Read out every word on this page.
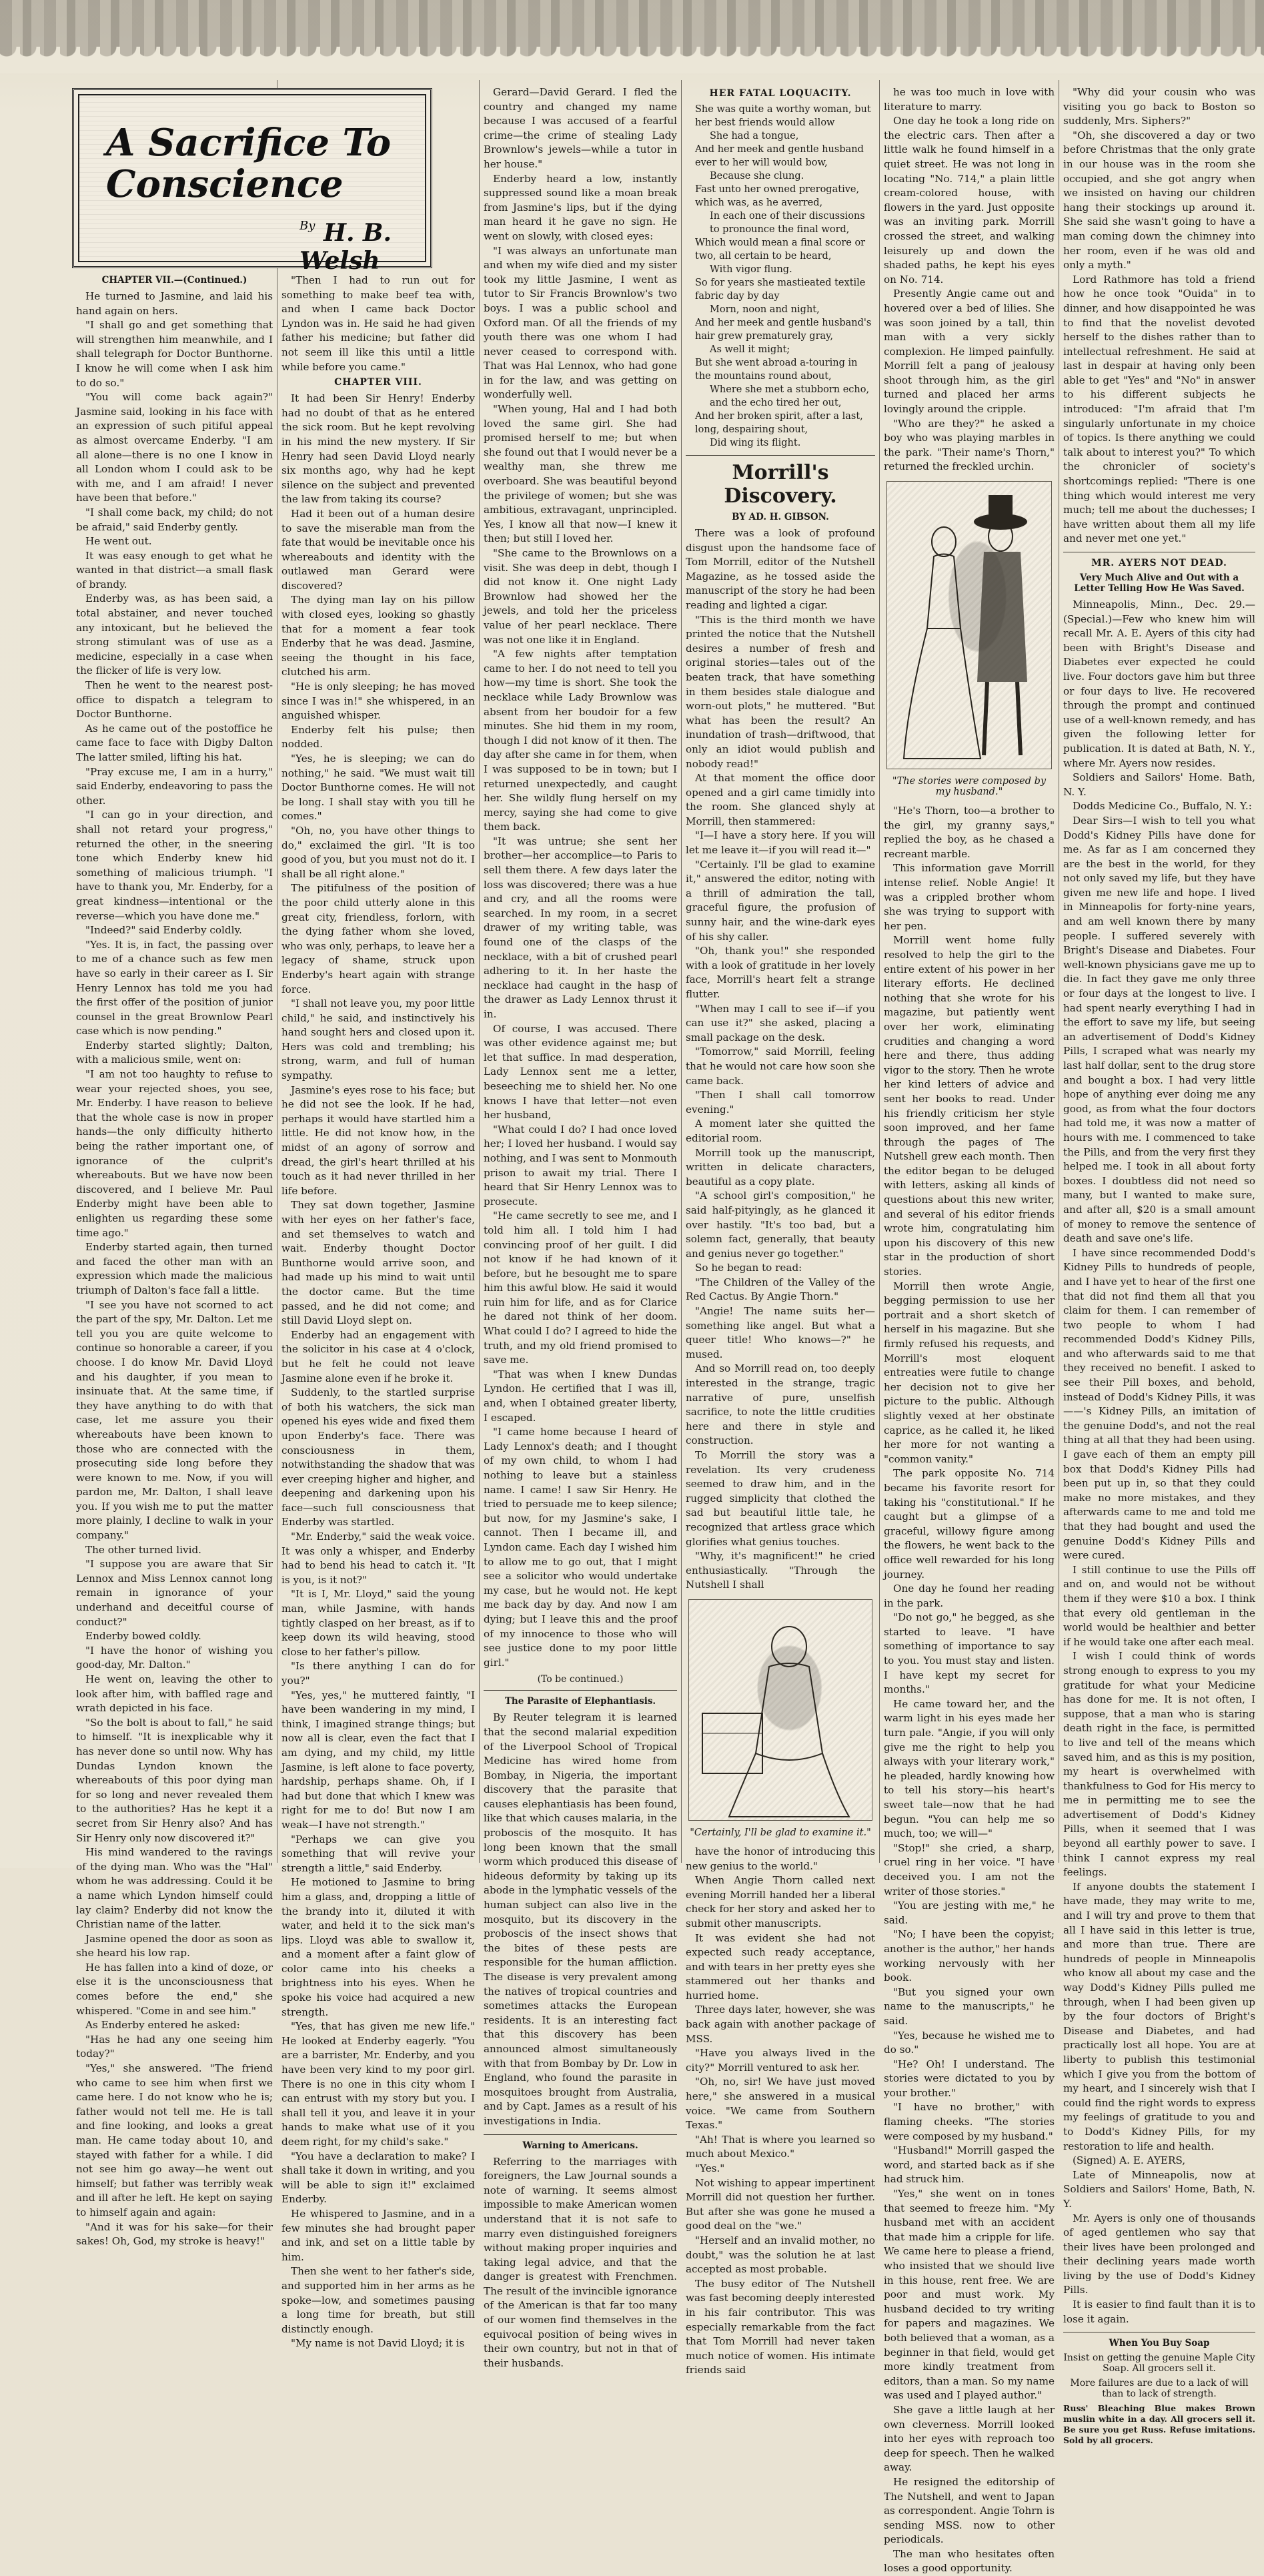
A Sacrifice To Conscience
$^{By}$ H. B. Welsh
CHAPTER VII.—(Continued.)

He turned to Jasmine, and laid his hand again on hers.

"I shall go and get something that will strengthen him meanwhile, and I shall telegraph for Doctor Bunthorne. I know he will come when I ask him to do so."

"You will come back again?" Jasmine said, looking in his face with an expression of such pitiful appeal as almost overcame Enderby. "I am all alone—there is no one I know in all London whom I could ask to be with me, and I am afraid! I never have been that before."

"I shall come back, my child; do not be afraid," said Enderby gently.

He went out.

It was easy enough to get what he wanted in that district—a small flask of brandy.

Enderby was, as has been said, a total abstainer, and never touched any intoxicant, but he believed the strong stimulant was of use as a medicine, especially in a case when the flicker of life is very low.

Then he went to the nearest post-office to dispatch a telegram to Doctor Bunthorne.

As he came out of the postoffice he came face to face with Digby Dalton The latter smiled, lifting his hat.

"Pray excuse me, I am in a hurry," said Enderby, endeavoring to pass the other.

"I can go in your direction, and shall not retard your progress," returned the other, in the sneering tone which Enderby knew hid something of malicious triumph. "I have to thank you, Mr. Enderby, for a great kindness—intentional or the reverse—which you have done me."

"Indeed?" said Enderby coldly.

"Yes. It is, in fact, the passing over to me of a chance such as few men have so early in their career as I. Sir Henry Lennox has told me you had the first offer of the position of junior counsel in the great Brownlow Pearl case which is now pending."

Enderby started slightly; Dalton, with a malicious smile, went on:

"I am not too haughty to refuse to wear your rejected shoes, you see, Mr. Enderby. I have reason to believe that the whole case is now in proper hands—the only difficulty hitherto being the rather important one, of ignorance of the culprit's whereabouts. But we have now been discovered, and I believe Mr. Paul Enderby might have been able to enlighten us regarding these some time ago."

Enderby started again, then turned and faced the other man with an expression which made the malicious triumph of Dalton's face fall a little.

"I see you have not scorned to act the part of the spy, Mr. Dalton. Let me tell you you are quite welcome to continue so honorable a career, if you choose. I do know Mr. David Lloyd and his daughter, if you mean to insinuate that. At the same time, if they have anything to do with that case, let me assure you their whereabouts have been known to those who are connected with the prosecuting side long before they were known to me. Now, if you will pardon me, Mr. Dalton, I shall leave you. If you wish me to put the matter more plainly, I decline to walk in your company."

The other turned livid.

"I suppose you are aware that Sir Lennox and Miss Lennox cannot long remain in ignorance of your underhand and deceitful course of conduct?"

Enderby bowed coldly.

"I have the honor of wishing you good-day, Mr. Dalton."

He went on, leaving the other to look after him, with baffled rage and wrath depicted in his face.

"So the bolt is about to fall," he said to himself. "It is inexplicable why it has never done so until now. Why has Dundas Lyndon known the whereabouts of this poor dying man for so long and never revealed them to the authorities? Has he kept it a secret from Sir Henry also? And has Sir Henry only now discovered it?"

His mind wandered to the ravings of the dying man. Who was the "Hal" whom he was addressing. Could it be a name which Lyndon himself could lay claim? Enderby did not know the Christian name of the latter.

Jasmine opened the door as soon as she heard his low rap.

He has fallen into a kind of doze, or else it is the unconsciousness that comes before the end," she whispered. "Come in and see him."

As Enderby entered he asked:

"Has he had any one seeing him today?"

"Yes," she answered. "The friend who came to see him when first we came here. I do not know who he is; father would not tell me. He is tall and fine looking, and looks a great man. He came today about 10, and stayed with father for a while. I did not see him go away—he went out himself; but father was terribly weak and ill after he left. He kept on saying to himself again and again:

"And it was for his sake—for their sakes! Oh, God, my stroke is heavy!"

"Then I had to run out for something to make beef tea with, and when I came back Doctor Lyndon was in. He said he had given father his medicine; but father did not seem ill like this until a little while before you came."

CHAPTER VIII.

It had been Sir Henry! Enderby had no doubt of that as he entered the sick room. But he kept revolving in his mind the new mystery. If Sir Henry had seen David Lloyd nearly six months ago, why had he kept silence on the subject and prevented the law from taking its course?

Had it been out of a human desire to save the miserable man from the fate that would be inevitable once his whereabouts and identity with the outlawed man Gerard were discovered?

The dying man lay on his pillow with closed eyes, looking so ghastly that for a moment a fear took Enderby that he was dead. Jasmine, seeing the thought in his face, clutched his arm.

"He is only sleeping; he has moved since I was in!" she whispered, in an anguished whisper.

Enderby felt his pulse; then nodded.

"Yes, he is sleeping; we can do nothing," he said. "We must wait till Doctor Bunthorne comes. He will not be long. I shall stay with you till he comes."

"Oh, no, you have other things to do," exclaimed the girl. "It is too good of you, but you must not do it. I shall be all right alone."

The pitifulness of the position of the poor child utterly alone in this great city, friendless, forlorn, with the dying father whom she loved, who was only, perhaps, to leave her a legacy of shame, struck upon Enderby's heart again with strange force.

"I shall not leave you, my poor little child," he said, and instinctively his hand sought hers and closed upon it. Hers was cold and trembling; his strong, warm, and full of human sympathy.

Jasmine's eyes rose to his face; but he did not see the look. If he had, perhaps it would have startled him a little. He did not know how, in the midst of an agony of sorrow and dread, the girl's heart thrilled at his touch as it had never thrilled in her life before.

They sat down together, Jasmine with her eyes on her father's face, and set themselves to watch and wait. Enderby thought Doctor Bunthorne would arrive soon, and had made up his mind to wait until the doctor came. But the time passed, and he did not come; and still David Lloyd slept on.

Enderby had an engagement with the solicitor in his case at 4 o'clock, but he felt he could not leave Jasmine alone even if he broke it.

Suddenly, to the startled surprise of both his watchers, the sick man opened his eyes wide and fixed them upon Enderby's face. There was consciousness in them, notwithstanding the shadow that was ever creeping higher and higher, and deepening and darkening upon his face—such full consciousness that Enderby was startled.

"Mr. Enderby," said the weak voice. It was only a whisper, and Enderby had to bend his head to catch it. "It is you, is it not?"

"It is I, Mr. Lloyd," said the young man, while Jasmine, with hands tightly clasped on her breast, as if to keep down its wild heaving, stood close to her father's pillow.

"Is there anything I can do for you?"

"Yes, yes," he muttered faintly, "I have been wandering in my mind, I think, I imagined strange things; but now all is clear, even the fact that I am dying, and my child, my little Jasmine, is left alone to face poverty, hardship, perhaps shame. Oh, if I had but done that which I knew was right for me to do! But now I am weak—I have not strength."

"Perhaps we can give you something that will revive your strength a little," said Enderby.

He motioned to Jasmine to bring him a glass, and, dropping a little of the brandy into it, diluted it with water, and held it to the sick man's lips. Lloyd was able to swallow it, and a moment after a faint glow of color came into his cheeks a brightness into his eyes. When he spoke his voice had acquired a new strength.

"Yes, that has given me new life." He looked at Enderby eagerly. "You are a barrister, Mr. Enderby, and you have been very kind to my poor girl. There is no one in this city whom I can entrust with my story but you. I shall tell it you, and leave it in your hands to make what use of it you deem right, for my child's sake."

"You have a declaration to make? I shall take it down in writing, and you will be able to sign it!" exclaimed Enderby.

He whispered to Jasmine, and in a few minutes she had brought paper and ink, and set on a little table by him.

Then she went to her father's side, and supported him in her arms as he spoke—low, and sometimes pausing a long time for breath, but still distinctly enough.

"My name is not David Lloyd; it is

Gerard—David Gerard. I fled the country and changed my name because I was accused of a fearful crime—the crime of stealing Lady Brownlow's jewels—while a tutor in her house."

Enderby heard a low, instantly suppressed sound like a moan break from Jasmine's lips, but if the dying man heard it he gave no sign. He went on slowly, with closed eyes:

"I was always an unfortunate man and when my wife died and my sister took my little Jasmine, I went as tutor to Sir Francis Brownlow's two boys. I was a public school and Oxford man. Of all the friends of my youth there was one whom I had never ceased to correspond with. That was Hal Lennox, who had gone in for the law, and was getting on wonderfully well.

"When young, Hal and I had both loved the same girl. She had promised herself to me; but when she found out that I would never be a wealthy man, she threw me overboard. She was beautiful beyond the privilege of women; but she was ambitious, extravagant, unprincipled. Yes, I know all that now—I knew it then; but still I loved her.

"She came to the Brownlows on a visit. She was deep in debt, though I did not know it. One night Lady Brownlow had showed her the jewels, and told her the priceless value of her pearl necklace. There was not one like it in England.

"A few nights after temptation came to her. I do not need to tell you how—my time is short. She took the necklace while Lady Brownlow was absent from her boudoir for a few minutes. She hid them in my room, though I did not know of it then. The day after she came in for them, when I was supposed to be in town; but I returned unexpectedly, and caught her. She wildly flung herself on my mercy, saying she had come to give them back.

"It was untrue; she sent her brother—her accomplice—to Paris to sell them there. A few days later the loss was discovered; there was a hue and cry, and all the rooms were searched. In my room, in a secret drawer of my writing table, was found one of the clasps of the necklace, with a bit of crushed pearl adhering to it. In her haste the necklace had caught in the hasp of the drawer as Lady Lennox thrust it in.

Of course, I was accused. There was other evidence against me; but let that suffice. In mad desperation, Lady Lennox sent me a letter, beseeching me to shield her. No one knows I have that letter—not even her husband,

"What could I do? I had once loved her; I loved her husband. I would say nothing, and I was sent to Monmouth prison to await my trial. There I heard that Sir Henry Lennox was to prosecute.

"He came secretly to see me, and I told him all. I told him I had convincing proof of her guilt. I did not know if he had known of it before, but he besought me to spare him this awful blow. He said it would ruin him for life, and as for Clarice he dared not think of her doom. What could I do? I agreed to hide the truth, and my old friend promised to save me.

"That was when I knew Dundas Lyndon. He certified that I was ill, and, when I obtained greater liberty, I escaped.

"I came home because I heard of Lady Lennox's death; and I thought of my own child, to whom I had nothing to leave but a stainless name. I came! I saw Sir Henry. He tried to persuade me to keep silence; but now, for my Jasmine's sake, I cannot. Then I became ill, and Lyndon came. Each day I wished him to allow me to go out, that I might see a solicitor who would undertake my case, but he would not. He kept me back day by day. And now I am dying; but I leave this and the proof of my innocence to those who will see justice done to my poor little girl."

(To be continued.)
The Parasite of Elephantiasis.

By Reuter telegram it is learned that the second malarial expedition of the Liverpool School of Tropical Medicine has wired home from Bombay, in Nigeria, the important discovery that the parasite that causes elephantiasis has been found, like that which causes malaria, in the proboscis of the mosquito. It has long been known that the small worm which produced this disease of hideous deformity by taking up its abode in the lymphatic vessels of the human subject can also live in the mosquito, but its discovery in the proboscis of the insect shows that the bites of these pests are responsible for the human affliction. The disease is very prevalent among the natives of tropical countries and sometimes attacks the European residents. It is an interesting fact that this discovery has been announced almost simultaneously with that from Bombay by Dr. Low in England, who found the parasite in mosquitoes brought from Australia, and by Capt. James as a result of his investigations in India.

Warning to Americans.

Referring to the marriages with foreigners, the Law Journal sounds a note of warning. It seems almost impossible to make American women understand that it is not safe to marry even distinguished foreigners without making proper inquiries and taking legal advice, and that the danger is greatest with Frenchmen. The result of the invincible ignorance of the American is that far too many of our women find themselves in the equivocal position of being wives in their own country, but not in that of their husbands.

HER FATAL LOQUACITY.
She was quite a worthy woman, but her best friends would allow
She had a tongue,
And her meek and gentle husband ever to her will would bow,
Because she clung.
Fast unto her owned prerogative, which was, as he averred,
In each one of their discussions to pronounce the final word,
Which would mean a final score or two, all certain to be heard,
With vigor flung.
So for years she mastieated textile fabric day by day
Morn, noon and night,
And her meek and gentle husband's hair grew prematurely gray,
As well it might;
But she went abroad a-touring in the mountains round about,
Where she met a stubborn echo, and the echo tired her out,
And her broken spirit, after a last, long, despairing shout,
Did wing its flight.
Morrill's Discovery.
BY AD. H. GIBSON.

There was a look of profound disgust upon the handsome face of Tom Morrill, editor of the Nutshell Magazine, as he tossed aside the manuscript of the story he had been reading and lighted a cigar.

"This is the third month we have printed the notice that the Nutshell desires a number of fresh and original stories—tales out of the beaten track, that have something in them besides stale dialogue and worn-out plots," he muttered. "But what has been the result? An inundation of trash—driftwood, that only an idiot would publish and nobody read!"

At that moment the office door opened and a girl came timidly into the room. She glanced shyly at Morrill, then stammered:

"I—I have a story here. If you will let me leave it—if you will read it—"

"Certainly. I'll be glad to examine it," answered the editor, noting with a thrill of admiration the tall, graceful figure, the profusion of sunny hair, and the wine-dark eyes of his shy caller.

"Oh, thank you!" she responded with a look of gratitude in her lovely face, Morrill's heart felt a strange flutter.

"When may I call to see if—if you can use it?" she asked, placing a small package on the desk.

"Tomorrow," said Morrill, feeling that he would not care how soon she came back.

"Then I shall call tomorrow evening."

A moment later she quitted the editorial room.

Morrill took up the manuscript, written in delicate characters, beautiful as a copy plate.

"A school girl's composition," he said half-pityingly, as he glanced it over hastily. "It's too bad, but a solemn fact, generally, that beauty and genius never go together."

So he began to read:

"The Children of the Valley of the Red Cactus. By Angie Thorn."

"Angie! The name suits her—something like angel. But what a queer title! Who knows—?" he mused.

And so Morrill read on, too deeply interested in the strange, tragic narrative of pure, unselfish sacrifice, to note the little crudities here and there in style and construction.

To Morrill the story was a revelation. Its very crudeness seemed to draw him, and in the rugged simplicity that clothed the sad but beautiful little tale, he recognized that artless grace which glorifies what genius touches.

"Why, it's magnificent!" he cried enthusiastically. "Through the Nutshell I shall

"Certainly, I'll be glad to examine it."

have the honor of introducing this new genius to the world."

When Angie Thorn called next evening Morrill handed her a liberal check for her story and asked her to submit other manuscripts.

It was evident she had not expected such ready acceptance, and with tears in her pretty eyes she stammered out her thanks and hurried home.

Three days later, however, she was back again with another package of MSS.

"Have you always lived in the city?" Morrill ventured to ask her.

"Oh, no, sir! We have just moved here," she answered in a musical voice. "We came from Southern Texas."

"Ah! That is where you learned so much about Mexico."

"Yes."

Not wishing to appear impertinent Morrill did not question her further. But after she was gone he mused a good deal on the "we."

"Herself and an invalid mother, no doubt," was the solution he at last accepted as most probable.

The busy editor of The Nutshell was fast becoming deeply interested in his fair contributor. This was especially remarkable from the fact that Tom Morrill had never taken much notice of women. His intimate friends said

he was too much in love with literature to marry.

One day he took a long ride on the electric cars. Then after a little walk he found himself in a quiet street. He was not long in locating "No. 714," a plain little cream-colored house, with flowers in the yard. Just opposite was an inviting park. Morrill crossed the street, and walking leisurely up and down the shaded paths, he kept his eyes on No. 714.

Presently Angie came out and hovered over a bed of lilies. She was soon joined by a tall, thin man with a very sickly complexion. He limped painfully. Morrill felt a pang of jealousy shoot through him, as the girl turned and placed her arms lovingly around the cripple.

"Who are they?" he asked a boy who was playing marbles in the park. "Their name's Thorn," returned the freckled urchin.

"The stories were composed by my husband."

"He's Thorn, too—a brother to the girl, my granny says," replied the boy, as he chased a recreant marble.

This information gave Morrill intense relief. Noble Angie! It was a crippled brother whom she was trying to support with her pen.

Morrill went home fully resolved to help the girl to the entire extent of his power in her literary efforts. He declined nothing that she wrote for his magazine, but patiently went over her work, eliminating crudities and changing a word here and there, thus adding vigor to the story. Then he wrote her kind letters of advice and sent her books to read. Under his friendly criticism her style soon improved, and her fame through the pages of The Nutshell grew each month. Then the editor began to be deluged with letters, asking all kinds of questions about this new writer, and several of his editor friends wrote him, congratulating him upon his discovery of this new star in the production of short stories.

Morrill then wrote Angie, begging permission to use her portrait and a short sketch of herself in his magazine. But she firmly refused his requests, and Morrill's most eloquent entreaties were futile to change her decision not to give her picture to the public. Although slightly vexed at her obstinate caprice, as he called it, he liked her more for not wanting a "common vanity."

The park opposite No. 714 became his favorite resort for taking his "constitutional." If he caught but a glimpse of a graceful, willowy figure among the flowers, he went back to the office well rewarded for his long journey.

One day he found her reading in the park.

"Do not go," he begged, as she started to leave. "I have something of importance to say to you. You must stay and listen. I have kept my secret for months."

He came toward her, and the warm light in his eyes made her turn pale. "Angie, if you will only give me the right to help you always with your literary work," he pleaded, hardly knowing how to tell his story—his heart's sweet tale—now that he had begun. "You can help me so much, too; we will—"

"Stop!" she cried, a sharp, cruel ring in her voice. "I have deceived you. I am not the writer of those stories."

"You are jesting with me," he said.

"No; I have been the copyist; another is the author," her hands working nervously with her book.

"But you signed your own name to the manuscripts," he said.

"Yes, because he wished me to do so."

"He? Oh! I understand. The stories were dictated to you by your brother."

"I have no brother," with flaming cheeks. "The stories were composed by my husband."

"Husband!" Morrill gasped the word, and started back as if she had struck him.

"Yes," she went on in tones that seemed to freeze him. "My husband met with an accident that made him a cripple for life. We came here to please a friend, who insisted that we should live in this house, rent free. We are poor and must work. My husband decided to try writing for papers and magazines. We both believed that a woman, as a beginner in that field, would get more kindly treatment from editors, than a man. So my name was used and I played author."

She gave a little laugh at her own cleverness. Morrill looked into her eyes with reproach too deep for speech. Then he walked away.

He resigned the editorship of The Nutshell, and went to Japan as correspondent. Angie Tohrn is sending MSS. now to other periodicals.

The man who hesitates often loses a good opportunity.

"Why did your cousin who was visiting you go back to Boston so suddenly, Mrs. Siphers?"

"Oh, she discovered a day or two before Christmas that the only grate in our house was in the room she occupied, and she got angry when we insisted on having our children hang their stockings up around it. She said she wasn't going to have a man coming down the chimney into her room, even if he was old and only a myth."

Lord Rathmore has told a friend how he once took "Ouida" in to dinner, and how disappointed he was to find that the novelist devoted herself to the dishes rather than to intellectual refreshment. He said at last in despair at having only been able to get "Yes" and "No" in answer to his different subjects he introduced: "I'm afraid that I'm singularly unfortunate in my choice of topics. Is there anything we could talk about to interest you?" To which the chronicler of society's shortcomings replied: "There is one thing which would interest me very much; tell me about the duchesses; I have written about them all my life and never met one yet."

MR. AYERS NOT DEAD.
Very Much Alive and Out with a Letter Telling How He Was Saved.

Minneapolis, Minn., Dec. 29.—(Special.)—Few who knew him will recall Mr. A. E. Ayers of this city had been with Bright's Disease and Diabetes ever expected he could live. Four doctors gave him but three or four days to live. He recovered through the prompt and continued use of a well-known remedy, and has given the following letter for publication. It is dated at Bath, N. Y., where Mr. Ayers now resides.

Soldiers and Sailors' Home. Bath, N. Y.

Dodds Medicine Co., Buffalo, N. Y.:

Dear Sirs—I wish to tell you what Dodd's Kidney Pills have done for me. As far as I am concerned they are the best in the world, for they not only saved my life, but they have given me new life and hope. I lived in Minneapolis for forty-nine years, and am well known there by many people. I suffered severely with Bright's Disease and Diabetes. Four well-known physicians gave me up to die. In fact they gave me only three or four days at the longest to live. I had spent nearly everything I had in the effort to save my life, but seeing an advertisement of Dodd's Kidney Pills, I scraped what was nearly my last half dollar, sent to the drug store and bought a box. I had very little hope of anything ever doing me any good, as from what the four doctors had told me, it was now a matter of hours with me. I commenced to take the Pills, and from the very first they helped me. I took in all about forty boxes. I doubtless did not need so many, but I wanted to make sure, and after all, $20 is a small amount of money to remove the sentence of death and save one's life.

I have since recommended Dodd's Kidney Pills to hundreds of people, and I have yet to hear of the first one that did not find them all that you claim for them. I can remember of two people to whom I had recommended Dodd's Kidney Pills, and who afterwards said to me that they received no benefit. I asked to see their Pill boxes, and behold, instead of Dodd's Kidney Pills, it was ——'s Kidney Pills, an imitation of the genuine Dodd's, and not the real thing at all that they had been using. I gave each of them an empty pill box that Dodd's Kidney Pills had been put up in, so that they could make no more mistakes, and they afterwards came to me and told me that they had bought and used the genuine Dodd's Kidney Pills and were cured.

I still continue to use the Pills off and on, and would not be without them if they were $10 a box. I think that every old gentleman in the world would be healthier and better if he would take one after each meal.

I wish I could think of words strong enough to express to you my gratitude for what your Medicine has done for me. It is not often, I suppose, that a man who is staring death right in the face, is permitted to live and tell of the means which saved him, and as this is my position, my heart is overwhelmed with thankfulness to God for His mercy to me in permitting me to see the advertisement of Dodd's Kidney Pills, when it seemed that I was beyond all earthly power to save. I think I cannot express my real feelings.

If anyone doubts the statement I have made, they may write to me, and I will try and prove to them that all I have said in this letter is true, and more than true. There are hundreds of people in Minneapolis who know all about my case and the way Dodd's Kidney Pills pulled me through, when I had been given up by the four doctors of Bright's Disease and Diabetes, and had practically lost all hope. You are at liberty to publish this testimonial which I give you from the bottom of my heart, and I sincerely wish that I could find the right words to express my feelings of gratitude to you and to Dodd's Kidney Pills, for my restoration to life and health.

(Signed) A. E. AYERS,

Late of Minneapolis, now at Soldiers and Sailors' Home, Bath, N. Y.

Mr. Ayers is only one of thousands of aged gentlemen who say that their lives have been prolonged and their declining years made worth living by the use of Dodd's Kidney Pills.

It is easier to find fault than it is to lose it again.

When You Buy Soap
Insist on getting the genuine Maple City Soap. All grocers sell it.
More failures are due to a lack of will than to lack of strength.
Russ' Bleaching Blue makes Brown muslin white in a day. All grocers sell it. Be sure you get Russ. Refuse imitations. Sold by all grocers.
